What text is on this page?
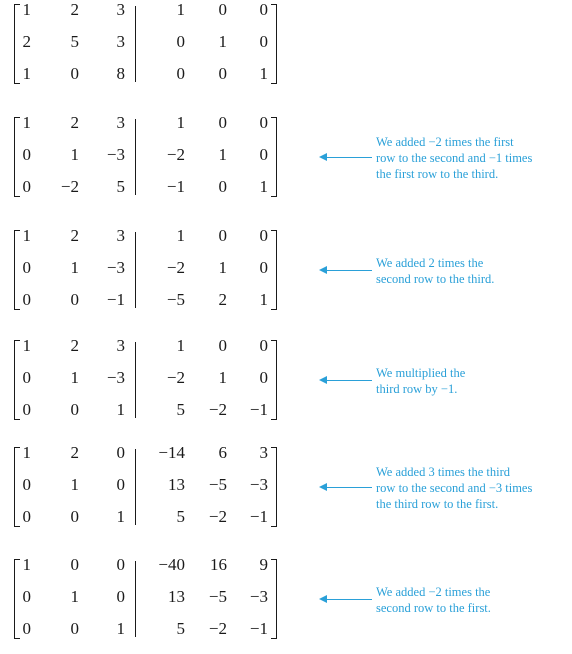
1	2	3	1	0	0
2	5	3	0	1	0
1	0	8	0	0	1
1	2	3	1	0	0
0	1	−3	−2	1	0
0	−2	5	−1	0	1
We added −2 times the first
row to the second and −1 times
the first row to the third.
1	2	3	1	0	0
0	1	−3	−2	1	0
0	0	−1	−5	2	1
We added 2 times the
second row to the third.
1	2	3	1	0	0
0	1	−3	−2	1	0
0	0	1	5	−2	−1
We multiplied the
third row by −1.
1	2	0	−14	6	3
0	1	0	13	−5	−3
0	0	1	5	−2	−1
We added 3 times the third
row to the second and −3 times
the third row to the first.
1	0	0	−40	16	9
0	1	0	13	−5	−3
0	0	1	5	−2	−1
We added −2 times the
second row to the first.
